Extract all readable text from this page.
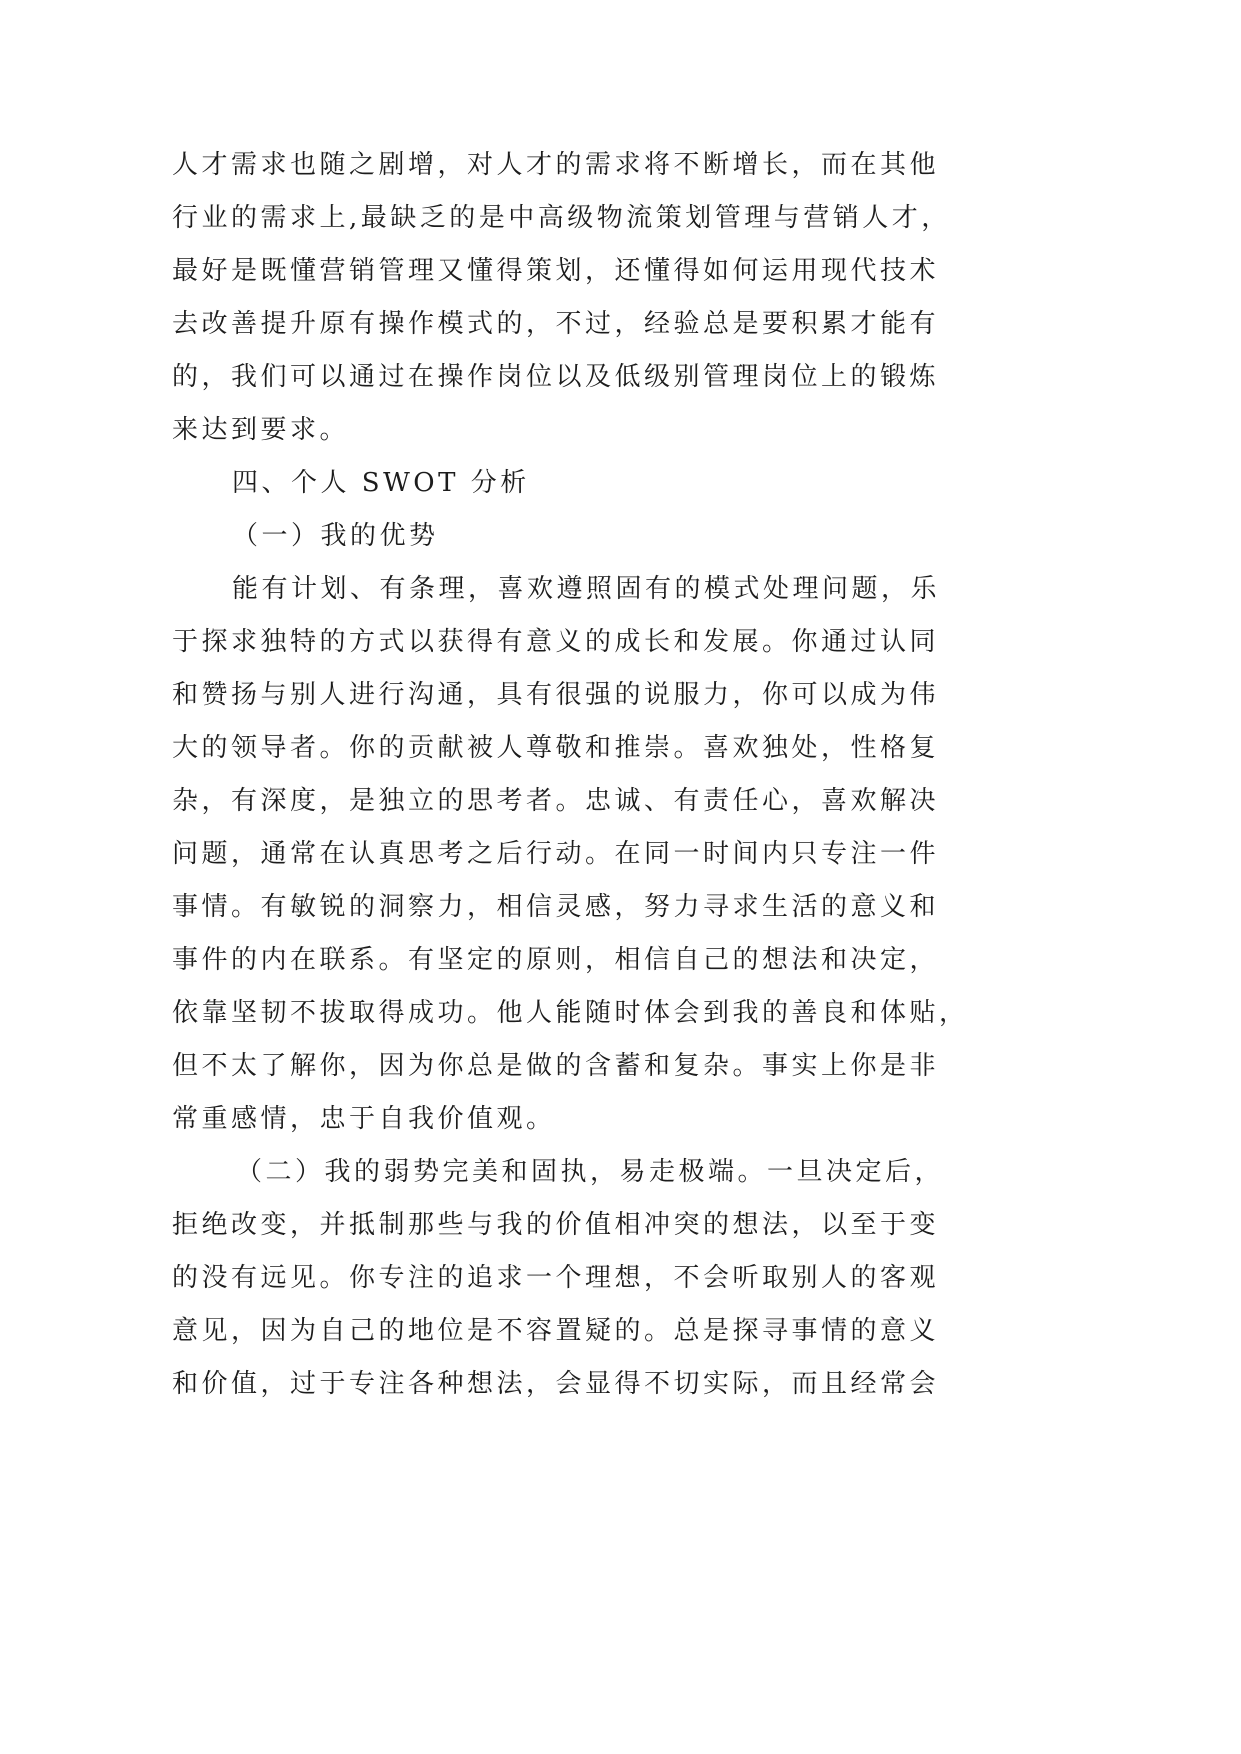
人才需求也随之剧增，对人才的需求将不断增长，而在其他
行业的需求上,最缺乏的是中高级物流策划管理与营销人才，
最好是既懂营销管理又懂得策划，还懂得如何运用现代技术
去改善提升原有操作模式的，不过，经验总是要积累才能有
的，我们可以通过在操作岗位以及低级别管理岗位上的锻炼
来达到要求。
四、个人 SWOT 分析
（一）我的优势
能有计划、有条理，喜欢遵照固有的模式处理问题，乐
于探求独特的方式以获得有意义的成长和发展。你通过认同
和赞扬与别人进行沟通，具有很强的说服力，你可以成为伟
大的领导者。你的贡献被人尊敬和推崇。喜欢独处，性格复
杂，有深度，是独立的思考者。忠诚、有责任心，喜欢解决
问题，通常在认真思考之后行动。在同一时间内只专注一件
事情。有敏锐的洞察力，相信灵感，努力寻求生活的意义和
事件的内在联系。有坚定的原则，相信自己的想法和决定，
依靠坚韧不拔取得成功。他人能随时体会到我的善良和体贴，
但不太了解你，因为你总是做的含蓄和复杂。事实上你是非
常重感情，忠于自我价值观。
（二）我的弱势完美和固执，易走极端。一旦决定后，
拒绝改变，并抵制那些与我的价值相冲突的想法，以至于变
的没有远见。你专注的追求一个理想，不会听取别人的客观
意见，因为自己的地位是不容置疑的。总是探寻事情的意义
和价值，过于专注各种想法，会显得不切实际，而且经常会
